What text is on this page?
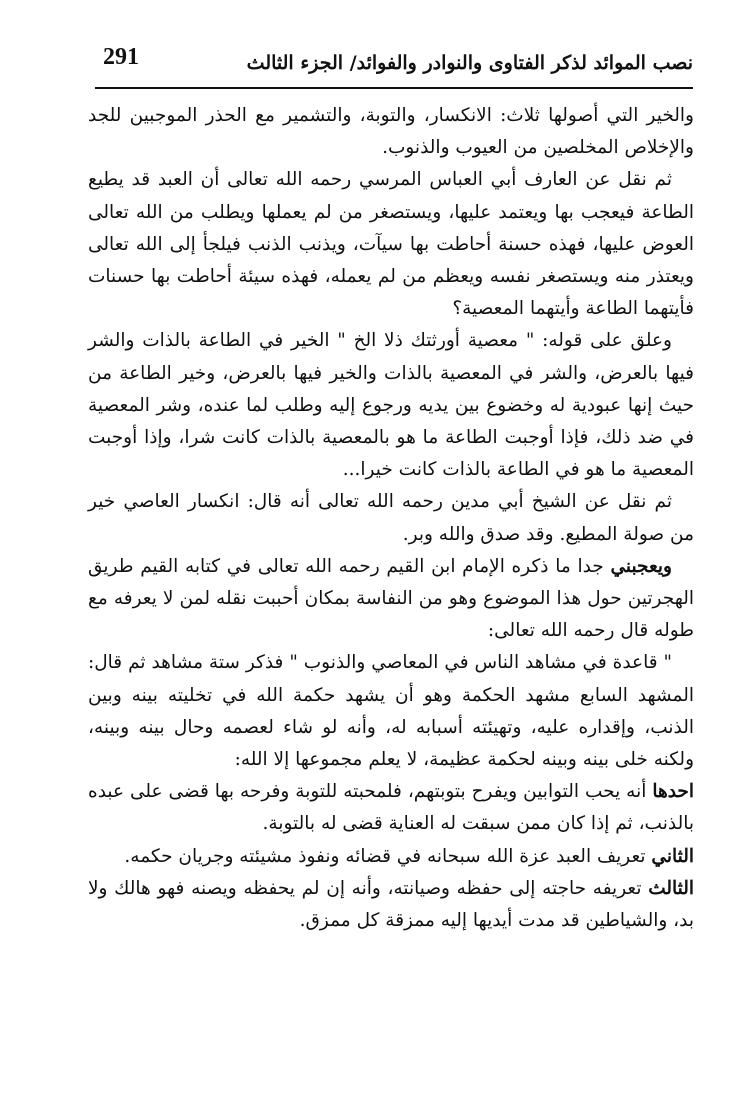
291	نصب الموائد لذكر الفتاوى والنوادر والفوائد/ الجزء الثالث

والخير التي أصولها ثلاث: الانكسار، والتوبة، والتشمير مع الحذر الموجبين للجد والإخلاص المخلصين من العيوب والذنوب.

ثم نقل عن العارف أبي العباس المرسي رحمه الله تعالى أن العبد قد يطيع الطاعة فيعجب بها ويعتمد عليها، ويستصغر من لم يعملها ويطلب من الله تعالى العوض عليها، فهذه حسنة أحاطت بها سيآت، ويذنب الذنب فيلجأ إلى الله تعالى ويعتذر منه ويستصغر نفسه ويعظم من لم يعمله، فهذه سيئة أحاطت بها حسنات فأيتهما الطاعة وأيتهما المعصية؟

وعلق على قوله: " معصية أورثتك ذلا الخ " الخير في الطاعة بالذات والشر فيها بالعرض، والشر في المعصية بالذات والخير فيها بالعرض، وخير الطاعة من حيث إنها عبودية له وخضوع بين يديه ورجوع إليه وطلب لما عنده، وشر المعصية في ضد ذلك، فإذا أوجبت الطاعة ما هو بالمعصية بالذات كانت شرا، وإذا أوجبت المعصية ما هو في الطاعة بالذات كانت خيرا...

ثم نقل عن الشيخ أبي مدين رحمه الله تعالى أنه قال: انكسار العاصي خير من صولة المطيع. وقد صدق والله وبر.

ويعجبني جدا ما ذكره الإمام ابن القيم رحمه الله تعالى في كتابه القيم طريق الهجرتين حول هذا الموضوع وهو من النفاسة بمكان أحببت نقله لمن لا يعرفه مع طوله قال رحمه الله تعالى:

" قاعدة في مشاهد الناس في المعاصي والذنوب " فذكر ستة مشاهد ثم قال: المشهد السابع مشهد الحكمة وهو أن يشهد حكمة الله في تخليته بينه وبين الذنب، وإقداره عليه، وتهيئته أسبابه له، وأنه لو شاء لعصمه وحال بينه وبينه، ولكنه خلى بينه وبينه لحكمة عظيمة، لا يعلم مجموعها إلا الله:

احدها أنه يحب التوابين ويفرح بتوبتهم، فلمحبته للتوبة وفرحه بها قضى على عبده بالذنب، ثم إذا كان ممن سبقت له العناية قضى له بالتوبة.

الثاني تعريف العبد عزة الله سبحانه في قضائه ونفوذ مشيئته وجريان حكمه.

الثالث تعريفه حاجته إلى حفظه وصيانته، وأنه إن لم يحفظه ويصنه فهو هالك ولا بد، والشياطين قد مدت أيديها إليه ممزقة كل ممزق.
